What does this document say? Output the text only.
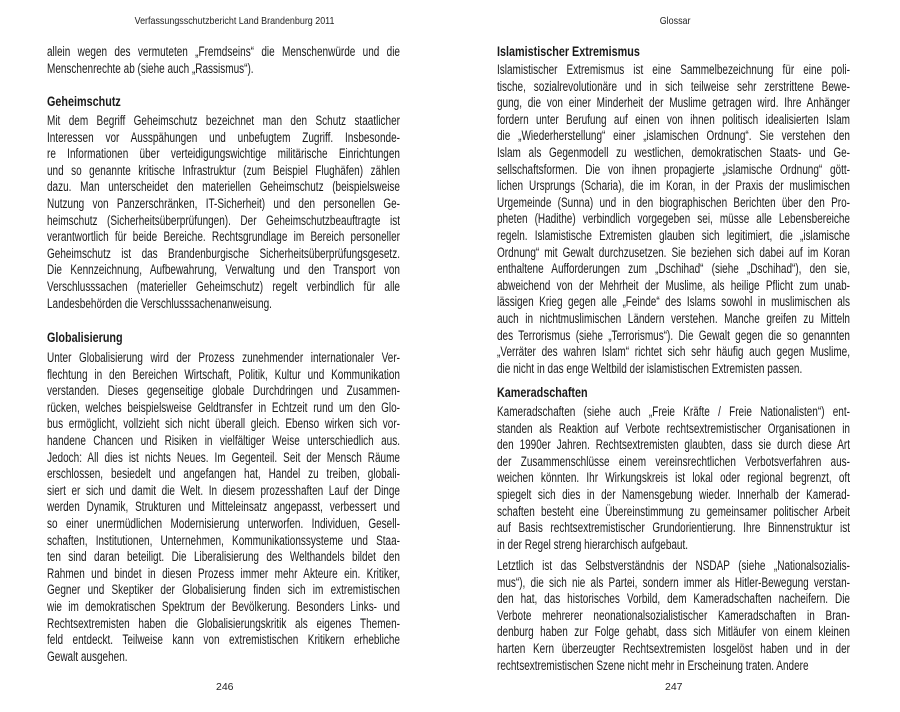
Verfassungsschutzbericht Land Brandenburg 2011
246
allein wegen des vermuteten „Fremdseins“ die Menschenwürde und die
Menschenrechte ab (siehe auch „Rassismus“).
Geheimschutz
Mit dem Begriff Geheimschutz bezeichnet man den Schutz staatlicher
Interessen vor Ausspähungen und unbefugtem Zugriff. Insbesonde-
re Informationen über verteidigungswichtige militärische Einrichtungen
und so genannte kritische Infrastruktur (zum Beispiel Flughäfen) zählen
dazu. Man unterscheidet den materiellen Geheimschutz (beispielsweise
Nutzung von Panzerschränken, IT-Sicherheit) und den personellen Ge-
heimschutz (Sicherheitsüberprüfungen). Der Geheimschutzbeauftragte ist
verantwortlich für beide Bereiche. Rechtsgrundlage im Bereich personeller
Geheimschutz ist das Brandenburgische Sicherheitsüberprüfungsgesetz.
Die Kennzeichnung, Aufbewahrung, Verwaltung und den Transport von
Verschlusssachen (materieller Geheimschutz) regelt verbindlich für alle
Landesbehörden die Verschlusssachenanweisung.
Globalisierung
Unter Globalisierung wird der Prozess zunehmender internationaler Ver-
flechtung in den Bereichen Wirtschaft, Politik, Kultur und Kommunikation
verstanden. Dieses gegenseitige globale Durchdringen und Zusammen-
rücken, welches beispielsweise Geldtransfer in Echtzeit rund um den Glo-
bus ermöglicht, vollzieht sich nicht überall gleich. Ebenso wirken sich vor-
handene Chancen und Risiken in vielfältiger Weise unterschiedlich aus.
Jedoch: All dies ist nichts Neues. Im Gegenteil. Seit der Mensch Räume
erschlossen, besiedelt und angefangen hat, Handel zu treiben, globali-
siert er sich und damit die Welt. In diesem prozesshaften Lauf der Dinge
werden Dynamik, Strukturen und Mitteleinsatz angepasst, verbessert und
so einer unermüdlichen Modernisierung unterworfen. Individuen, Gesell-
schaften, Institutionen, Unternehmen, Kommunikationssysteme und Staa-
ten sind daran beteiligt. Die Liberalisierung des Welthandels bildet den
Rahmen und bindet in diesen Prozess immer mehr Akteure ein. Kritiker,
Gegner und Skeptiker der Globalisierung finden sich im extremistischen
wie im demokratischen Spektrum der Bevölkerung. Besonders Links- und
Rechtsextremisten haben die Globalisierungskritik als eigenes Themen-
feld entdeckt. Teilweise kann von extremistischen Kritikern erhebliche
Gewalt ausgehen.
Glossar
247
Islamistischer Extremismus
Islamistischer Extremismus ist eine Sammelbezeichnung für eine poli-
tische, sozialrevolutionäre und in sich teilweise sehr zerstrittene Bewe-
gung, die von einer Minderheit der Muslime getragen wird. Ihre Anhänger
fordern unter Berufung auf einen von ihnen politisch idealisierten Islam
die „Wiederherstellung“ einer „islamischen Ordnung“. Sie verstehen den
Islam als Gegenmodell zu westlichen, demokratischen Staats- und Ge-
sellschaftsformen. Die von ihnen propagierte „islamische Ordnung“ gött-
lichen Ursprungs (Scharia), die im Koran, in der Praxis der muslimischen
Urgemeinde (Sunna) und in den biographischen Berichten über den Pro-
pheten (Hadithe) verbindlich vorgegeben sei, müsse alle Lebensbereiche
regeln. Islamistische Extremisten glauben sich legitimiert, die „islamische
Ordnung“ mit Gewalt durchzusetzen. Sie beziehen sich dabei auf im Koran
enthaltene Aufforderungen zum „Dschihad“ (siehe „Dschihad“), den sie,
abweichend von der Mehrheit der Muslime, als heilige Pflicht zum unab-
lässigen Krieg gegen alle „Feinde“ des Islams sowohl in muslimischen als
auch in nichtmuslimischen Ländern verstehen. Manche greifen zu Mitteln
des Terrorismus (siehe „Terrorismus“). Die Gewalt gegen die so genannten
„Verräter des wahren Islam“ richtet sich sehr häufig auch gegen Muslime,
die nicht in das enge Weltbild der islamistischen Extremisten passen.
Kameradschaften
Kameradschaften (siehe auch „Freie Kräfte / Freie Nationalisten“) ent-
standen als Reaktion auf Verbote rechtsextremistischer Organisationen in
den 1990er Jahren. Rechtsextremisten glaubten, dass sie durch diese Art
der Zusammenschlüsse einem vereinsrechtlichen Verbotsverfahren aus-
weichen könnten. Ihr Wirkungskreis ist lokal oder regional begrenzt, oft
spiegelt sich dies in der Namensgebung wieder. Innerhalb der Kamerad-
schaften besteht eine Übereinstimmung zu gemeinsamer politischer Arbeit
auf Basis rechtsextremistischer Grundorientierung. Ihre Binnenstruktur ist
in der Regel streng hierarchisch aufgebaut.
Letztlich ist das Selbstverständnis der NSDAP (siehe „Nationalsozialis-
mus“), die sich nie als Partei, sondern immer als Hitler-Bewegung verstan-
den hat, das historisches Vorbild, dem Kameradschaften nacheifern. Die
Verbote mehrerer neonationalsozialistischer Kameradschaften in Bran-
denburg haben zur Folge gehabt, dass sich Mitläufer von einem kleinen
harten Kern überzeugter Rechtsextremisten losgelöst haben und in der
rechtsextremistischen Szene nicht mehr in Erscheinung traten. Andere
